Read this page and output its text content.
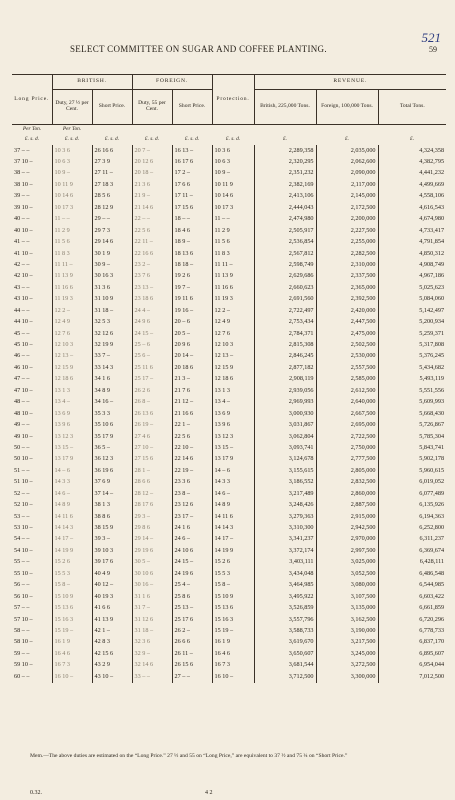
SELECT COMMITTEE ON SUGAR AND COFFEE PLANTING.
521
59
Long Price.	BRITISH.		FOREIGN.		Protection.	REVENUE.		
	Duty, 27 ½ per Cent.	Short Price.	Duty, 55 per Cent.	Short Price.		British, 225,000 Tons.	Foreign, 100,000 Tons.	Total Tons.
Per Ton.	Per Ton.							
£. s. d.	£. s. d.	£. s. d.	£. s. d.	£. s. d.	£. s. d.	£.	£.	£.
37 – –	10 3 6	26 16 6	20 7 –	16 13 –	10 3 6	2,289,358	2,035,000	4,324,358
37 10 –	10 6 3	27 3 9	20 12 6	16 17 6	10 6 3	2,320,295	2,062,600	4,382,795
38 – –	10 9 –	27 11 –	20 18 –	17 2 –	10 9 –	2,351,232	2,090,000	4,441,232
38 10 –	10 11 9	27 18 3	21 3 6	17 6 6	10 11 9	2,382,169	2,117,000	4,499,669
39 – –	10 14 6	28 5 6	21 9 –	17 11 –	10 14 6	2,413,106	2,145,000	4,558,106
39 10 –	10 17 3	28 12 9	21 14 6	17 15 6	10 17 3	2,444,043	2,172,500	4,616,543
40 – –	11 – –	29 – –	22 – –	18 – –	11 – –	2,474,980	2,200,000	4,674,980
40 10 –	11 2 9	29 7 3	22 5 6	18 4 6	11 2 9	2,505,917	2,227,500	4,733,417
41 – –	11 5 6	29 14 6	22 11 –	18 9 –	11 5 6	2,536,854	2,255,000	4,791,854
41 10 –	11 8 3	30 1 9	22 16 6	18 13 6	11 8 3	2,567,812	2,282,500	4,850,312
42 – –	11 11 –	30 9 –	23 2 –	18 18 –	11 11 –	2,598,749	2,310,000	4,908,749
42 10 –	11 13 9	30 16 3	23 7 6	19 2 6	11 13 9	2,629,686	2,337,500	4,967,186
43 – –	11 16 6	31 3 6	23 13 –	19 7 –	11 16 6	2,660,623	2,365,000	5,025,623
43 10 –	11 19 3	31 10 9	23 18 6	19 11 6	11 19 3	2,691,560	2,392,500	5,084,060
44 – –	12 2 –	31 18 –	24 4 –	19 16 –	12 2 –	2,722,497	2,420,000	5,142,497
44 10 –	12 4 9	32 5 3	24 9 6	20 – 6	12 4 9	2,753,434	2,447,500	5,200,934
45 – –	12 7 6	32 12 6	24 15 –	20 5 –	12 7 6	2,784,371	2,475,000	5,259,371
45 10 –	12 10 3	32 19 9	25 – 6	20 9 6	12 10 3	2,815,308	2,502,500	5,317,808
46 – –	12 13 –	33 7 –	25 6 –	20 14 –	12 13 –	2,846,245	2,530,000	5,376,245
46 10 –	12 15 9	33 14 3	25 11 6	20 18 6	12 15 9	2,877,182	2,557,500	5,434,682
47 – –	12 18 6	34 1 6	25 17 –	21 3 –	12 18 6	2,908,119	2,585,000	5,493,119
47 10 –	13 1 3	34 8 9	26 2 6	21 7 6	13 1 3	2,939,056	2,612,500	5,551,556
48 – –	13 4 –	34 16 –	26 8 –	21 12 –	13 4 –	2,969,993	2,640,000	5,609,993
48 10 –	13 6 9	35 3 3	26 13 6	21 16 6	13 6 9	3,000,930	2,667,500	5,668,430
49 – –	13 9 6	35 10 6	26 19 –	22 1 –	13 9 6	3,031,867	2,695,000	5,726,867
49 10 –	13 12 3	35 17 9	27 4 6	22 5 6	13 12 3	3,062,804	2,722,500	5,785,304
50 – –	13 15 –	36 5 –	27 10 –	22 10 –	13 15 –	3,093,741	2,750,000	5,843,741
50 10 –	13 17 9	36 12 3	27 15 6	22 14 6	13 17 9	3,124,678	2,777,500	5,902,178
51 – –	14 – 6	36 19 6	28 1 –	22 19 –	14 – 6	3,155,615	2,805,000	5,960,615
51 10 –	14 3 3	37 6 9	28 6 6	23 3 6	14 3 3	3,186,552	2,832,500	6,019,052
52 – –	14 6 –	37 14 –	28 12 –	23 8 –	14 6 –	3,217,489	2,860,000	6,077,489
52 10 –	14 8 9	38 1 3	28 17 6	23 12 6	14 8 9	3,248,426	2,887,500	6,135,926
53 – –	14 11 6	38 8 6	29 3 –	23 17 –	14 11 6	3,279,363	2,915,000	6,194,363
53 10 –	14 14 3	38 15 9	29 8 6	24 1 6	14 14 3	3,310,300	2,942,500	6,252,800
54 – –	14 17 –	39 3 –	29 14 –	24 6 –	14 17 –	3,341,237	2,970,000	6,311,237
54 10 –	14 19 9	39 10 3	29 19 6	24 10 6	14 19 9	3,372,174	2,997,500	6,369,674
55 – –	15 2 6	39 17 6	30 5 –	24 15 –	15 2 6	3,403,111	3,025,000	6,428,111
55 10 –	15 5 3	40 4 9	30 10 6	24 19 6	15 5 3	3,434,048	3,052,500	6,486,548
56 – –	15 8 –	40 12 –	30 16 –	25 4 –	15 8 –	3,464,985	3,080,000	6,544,985
56 10 –	15 10 9	40 19 3	31 1 6	25 8 6	15 10 9	3,495,922	3,107,500	6,603,422
57 – –	15 13 6	41 6 6	31 7 –	25 13 –	15 13 6	3,526,859	3,135,000	6,661,859
57 10 –	15 16 3	41 13 9	31 12 6	25 17 6	15 16 3	3,557,796	3,162,500	6,720,296
58 – –	15 19 –	42 1 –	31 18 –	26 2 –	15 19 –	3,588,733	3,190,000	6,778,733
58 10 –	16 1 9	42 8 3	32 3 6	26 6 6	16 1 9	3,619,670	3,217,500	6,837,170
59 – –	16 4 6	42 15 6	32 9 –	26 11 –	16 4 6	3,650,607	3,245,000	6,895,607
59 10 –	16 7 3	43 2 9	32 14 6	26 15 6	16 7 3	3,681,544	3,272,500	6,954,044
60 – –	16 10 –	43 10 –	33 – –	27 – –	16 10 –	3,712,500	3,300,000	7,012,500
Mem.—The above duties are estimated on the “Long Price.” 27 ½ and 55 on “Long Price,” are equivalent to 37 ½ and 75 ¼ on “Short Price.”
0.32.	4 2
